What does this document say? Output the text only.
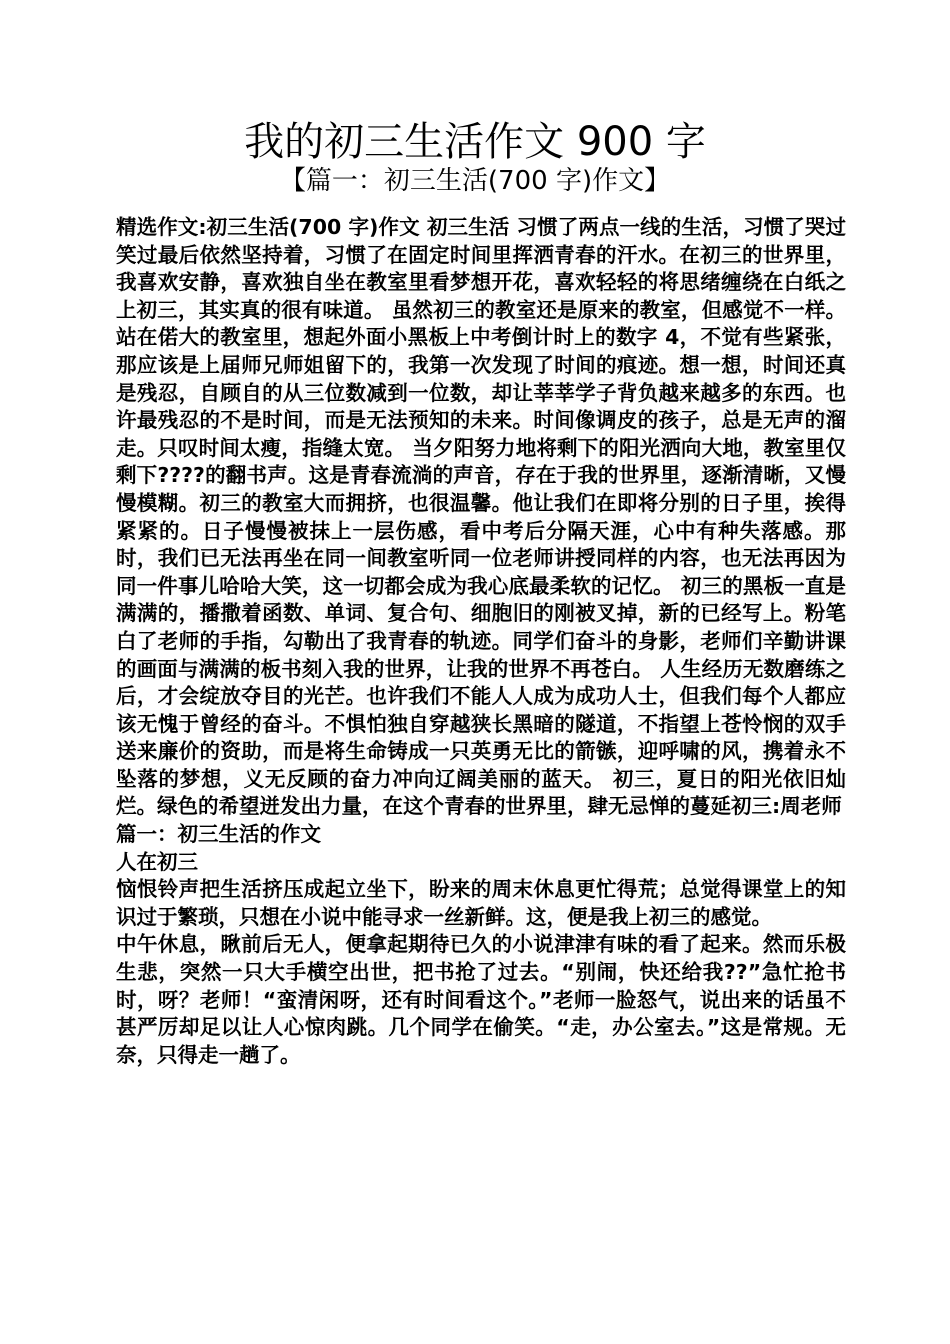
我的初三生活作文 900 字
【篇一：初三生活(700 字)作文】

精选作文:初三生活(700 字)作文 初三生活 习惯了两点一线的生活，习惯了哭过笑过最后依然坚持着，习惯了在固定时间里挥洒青春的汗水。在初三的世界里，我喜欢安静，喜欢独自坐在教室里看梦想开花，喜欢轻轻的将思绪缠绕在白纸之上初三，其实真的很有味道。 虽然初三的教室还是原来的教室，但感觉不一样。站在偌大的教室里，想起外面小黑板上中考倒计时上的数字 4，不觉有些紧张，那应该是上届师兄师姐留下的，我第一次发现了时间的痕迹。想一想，时间还真是残忍，自顾自的从三位数减到一位数，却让莘莘学子背负越来越多的东西。也许最残忍的不是时间，而是无法预知的未来。时间像调皮的孩子，总是无声的溜走。只叹时间太瘦，指缝太宽。 当夕阳努力地将剩下的阳光洒向大地，教室里仅剩下????的翻书声。这是青春流淌的声音，存在于我的世界里，逐渐清晰，又慢慢模糊。初三的教室大而拥挤，也很温馨。他让我们在即将分别的日子里，挨得紧紧的。日子慢慢被抹上一层伤感，看中考后分隔天涯，心中有种失落感。那时，我们已无法再坐在同一间教室听同一位老师讲授同样的内容，也无法再因为同一件事儿哈哈大笑，这一切都会成为我心底最柔软的记忆。 初三的黑板一直是满满的，播撒着函数、单词、复合句、细胞旧的刚被叉掉，新的已经写上。粉笔白了老师的手指，勾勒出了我青春的轨迹。同学们奋斗的身影，老师们辛勤讲课的画面与满满的板书刻入我的世界，让我的世界不再苍白。 人生经历无数磨练之后，才会绽放夺目的光芒。也许我们不能人人成为成功人士，但我们每个人都应该无愧于曾经的奋斗。不惧怕独自穿越狭长黑暗的隧道，不指望上苍怜悯的双手送来廉价的资助，而是将生命铸成一只英勇无比的箭镞，迎呼啸的风，携着永不坠落的梦想，义无反顾的奋力冲向辽阔美丽的蓝天。 初三，夏日的阳光依旧灿烂。绿色的希望迸发出力量，在这个青春的世界里，肆无忌惮的蔓延初三:周老师

篇一：初三生活的作文

人在初三

恼恨铃声把生活挤压成起立坐下，盼来的周末休息更忙得荒；总觉得课堂上的知识过于繁琐，只想在小说中能寻求一丝新鲜。这，便是我上初三的感觉。

中午休息，瞅前后无人，便拿起期待已久的小说津津有味的看了起来。然而乐极生悲，突然一只大手横空出世，把书抢了过去。“别闹，快还给我??”急忙抢书时，呀？老师！“蛮清闲呀，还有时间看这个。”老师一脸怒气，说出来的话虽不甚严厉却足以让人心惊肉跳。几个同学在偷笑。“走，办公室去。”这是常规。无奈，只得走一趟了。
